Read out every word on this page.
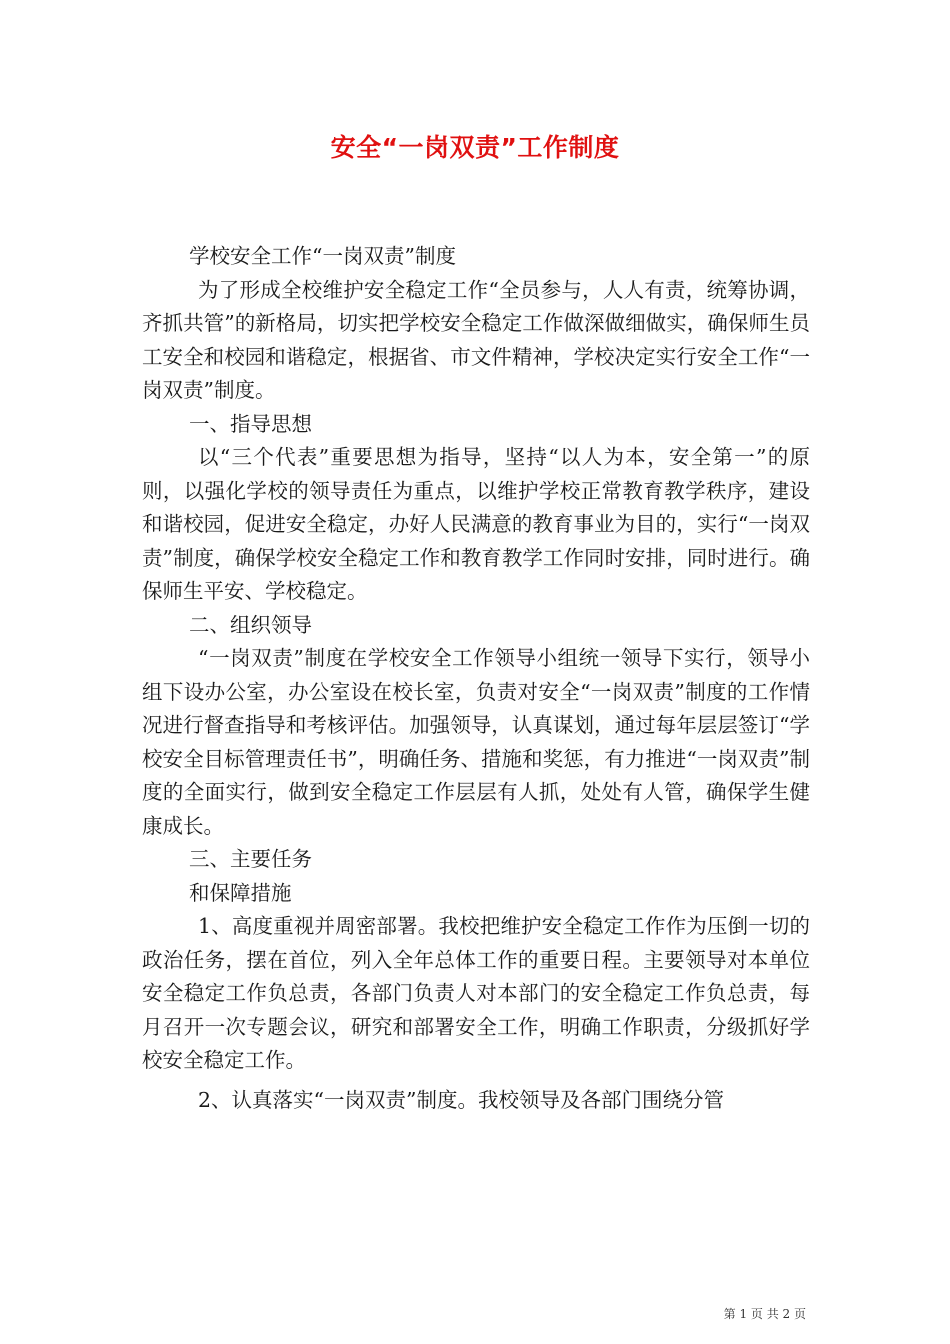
安全“一岗双责”工作制度

学校安全工作“一岗双责”制度

为了形成全校维护安全稳定工作“全员参与，人人有责，统筹协调，齐抓共管”的新格局，切实把学校安全稳定工作做深做细做实，确保师生员工安全和校园和谐稳定，根据省、市文件精神，学校决定实行安全工作“一岗双责”制度。

一、指导思想

以“三个代表”重要思想为指导，坚持“以人为本，安全第一”的原则，以强化学校的领导责任为重点，以维护学校正常教育教学秩序，建设和谐校园，促进安全稳定，办好人民满意的教育事业为目的，实行“一岗双责”制度，确保学校安全稳定工作和教育教学工作同时安排，同时进行。确保师生平安、学校稳定。

二、组织领导

“一岗双责”制度在学校安全工作领导小组统一领导下实行，领导小组下设办公室，办公室设在校长室，负责对安全“一岗双责”制度的工作情况进行督查指导和考核评估。加强领导，认真谋划，通过每年层层签订“学校安全目标管理责任书”，明确任务、措施和奖惩，有力推进“一岗双责”制度的全面实行，做到安全稳定工作层层有人抓，处处有人管，确保学生健康成长。

三、主要任务

和保障措施

1、高度重视并周密部署。我校把维护安全稳定工作作为压倒一切的政治任务，摆在首位，列入全年总体工作的重要日程。主要领导对本单位安全稳定工作负总责，各部门负责人对本部门的安全稳定工作负总责，每月召开一次专题会议，研究和部署安全工作，明确工作职责，分级抓好学校安全稳定工作。

2、认真落实“一岗双责”制度。我校领导及各部门围绕分管

第 1 页 共 2 页
